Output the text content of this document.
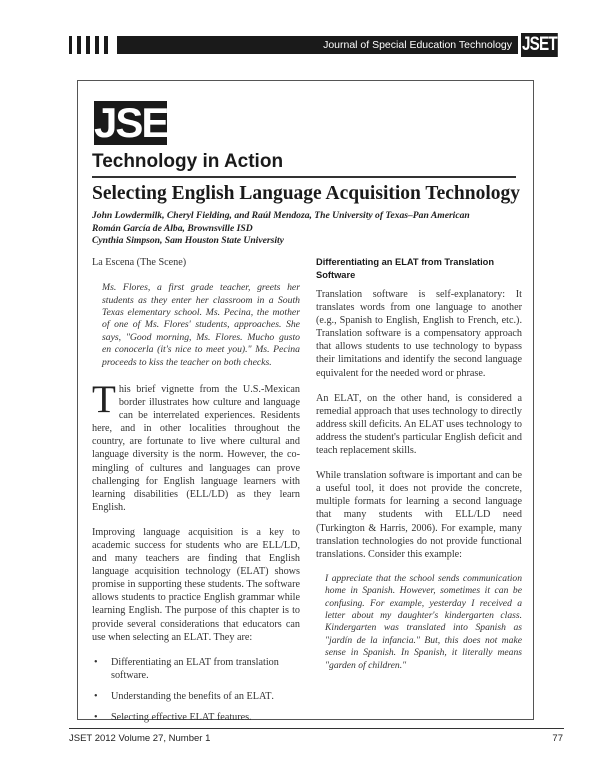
Journal of Special Education Technology JSET
JSET
Technology in Action
Selecting English Language Acquisition Technology
John Lowdermilk, Cheryl Fielding, and Raúl Mendoza, The University of Texas–Pan American
Román García de Alba, Brownsville ISD
Cynthia Simpson, Sam Houston State University

La Escena (The Scene)

Ms. Flores, a first grade teacher, greets her
students as they enter her classroom in a South
Texas elementary school. Ms. Pecina, the mother
of one of Ms. Flores' students, approaches. She
says, "Good morning, Ms. Flores. Mucho gusto
en conocerla (it's nice to meet you)." Ms. Pecina
proceeds to kiss the teacher on both checks.

T his brief vignette from the U.S.-Mexican
border illustrates how culture and language
can be interrelated experiences. Residents
here, and in other localities throughout the country, are fortunate to live where cultural and language diversity is the norm. However, the co-mingling of cultures and languages can prove challenging for English language learners with learning disabilities (ELL/LD) as they learn English.

Improving language acquisition is a key to academic success for students who are ELL/LD, and many teachers are finding that English language acquisition technology (ELAT) shows promise in supporting these students. The software allows students to practice English grammar while learning English. The purpose of this chapter is to provide several considerations that educators can use when selecting an ELAT. They are:

• Differentiating an ELAT from translation software.
• Understanding the benefits of an ELAT.
• Selecting effective ELAT features.

Differentiating an ELAT from Translation Software

Translation software is self-explanatory: It translates words from one language to another (e.g., Spanish to English, English to French, etc.). Translation software is a compensatory approach that allows students to use technology to bypass their limitations and identify the second language equivalent for the needed word or phrase.

An ELAT, on the other hand, is considered a remedial approach that uses technology to directly address skill deficits. An ELAT uses technology to address the student's particular English deficit and teach replacement skills.

While translation software is important and can be a useful tool, it does not provide the concrete, multiple formats for learning a second language that many students with ELL/LD need (Turkington & Harris, 2006). For example, many translation technologies do not provide functional translations. Consider this example:

I appreciate that the school sends communication
home in Spanish. However, sometimes it can be
confusing. For example, yesterday I received a
letter about my daughter's kindergarten class.
Kindergarten was translated into Spanish as
"jardín de la infancia." But, this does not make
sense in Spanish. In Spanish, it literally means
"garden of children."

JSET 2012 Volume 27, Number 1	77
